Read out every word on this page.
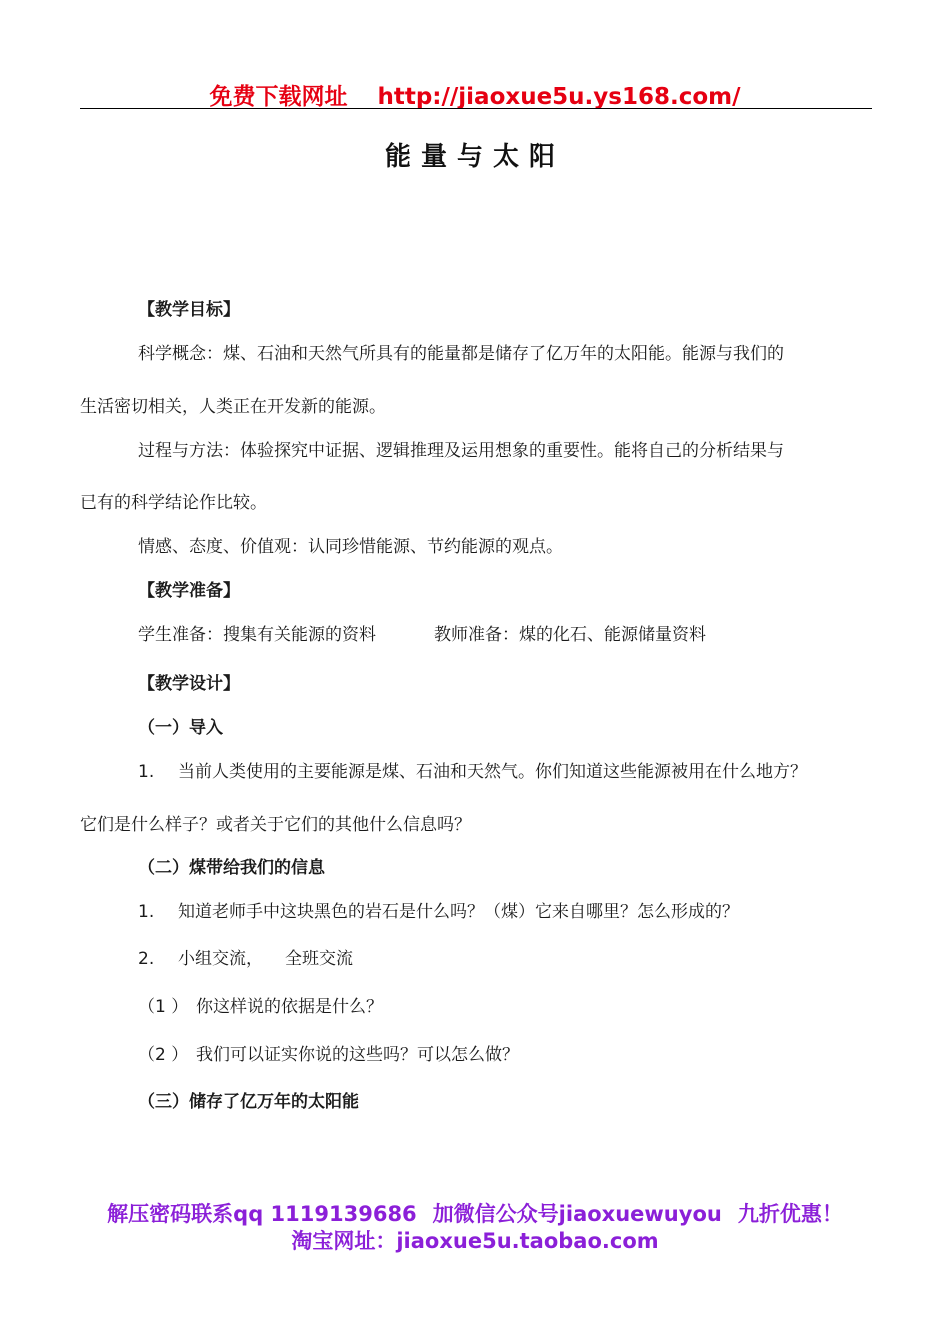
免费下载网址 http://jiaoxue5u.ys168.com/
能量与太阳
【教学目标】
科学概念：煤、石油和天然气所具有的能量都是储存了亿万年的太阳能。能源与我们的
生活密切相关，人类正在开发新的能源。
过程与方法：体验探究中证据、逻辑推理及运用想象的重要性。能将自己的分析结果与
已有的科学结论作比较。
情感、态度、价值观：认同珍惜能源、节约能源的观点。
【教学准备】
学生准备：搜集有关能源的资料	教师准备：煤的化石、能源储量资料
【教学设计】
（一）导入
1. 当前人类使用的主要能源是煤、石油和天然气。你们知道这些能源被用在什么地方？
它们是什么样子？或者关于它们的其他什么信息吗？
（二）煤带给我们的信息
1. 知道老师手中这块黑色的岩石是什么吗？（煤）它来自哪里？怎么形成的？
2. 小组交流， 全班交流
（1 ） 你这样说的依据是什么？
（2 ） 我们可以证实你说的这些吗？可以怎么做？
（三）储存了亿万年的太阳能
解压密码联系qq 1119139686 加微信公众号jiaoxuewuyou 九折优惠！
淘宝网址：jiaoxue5u.taobao.com
